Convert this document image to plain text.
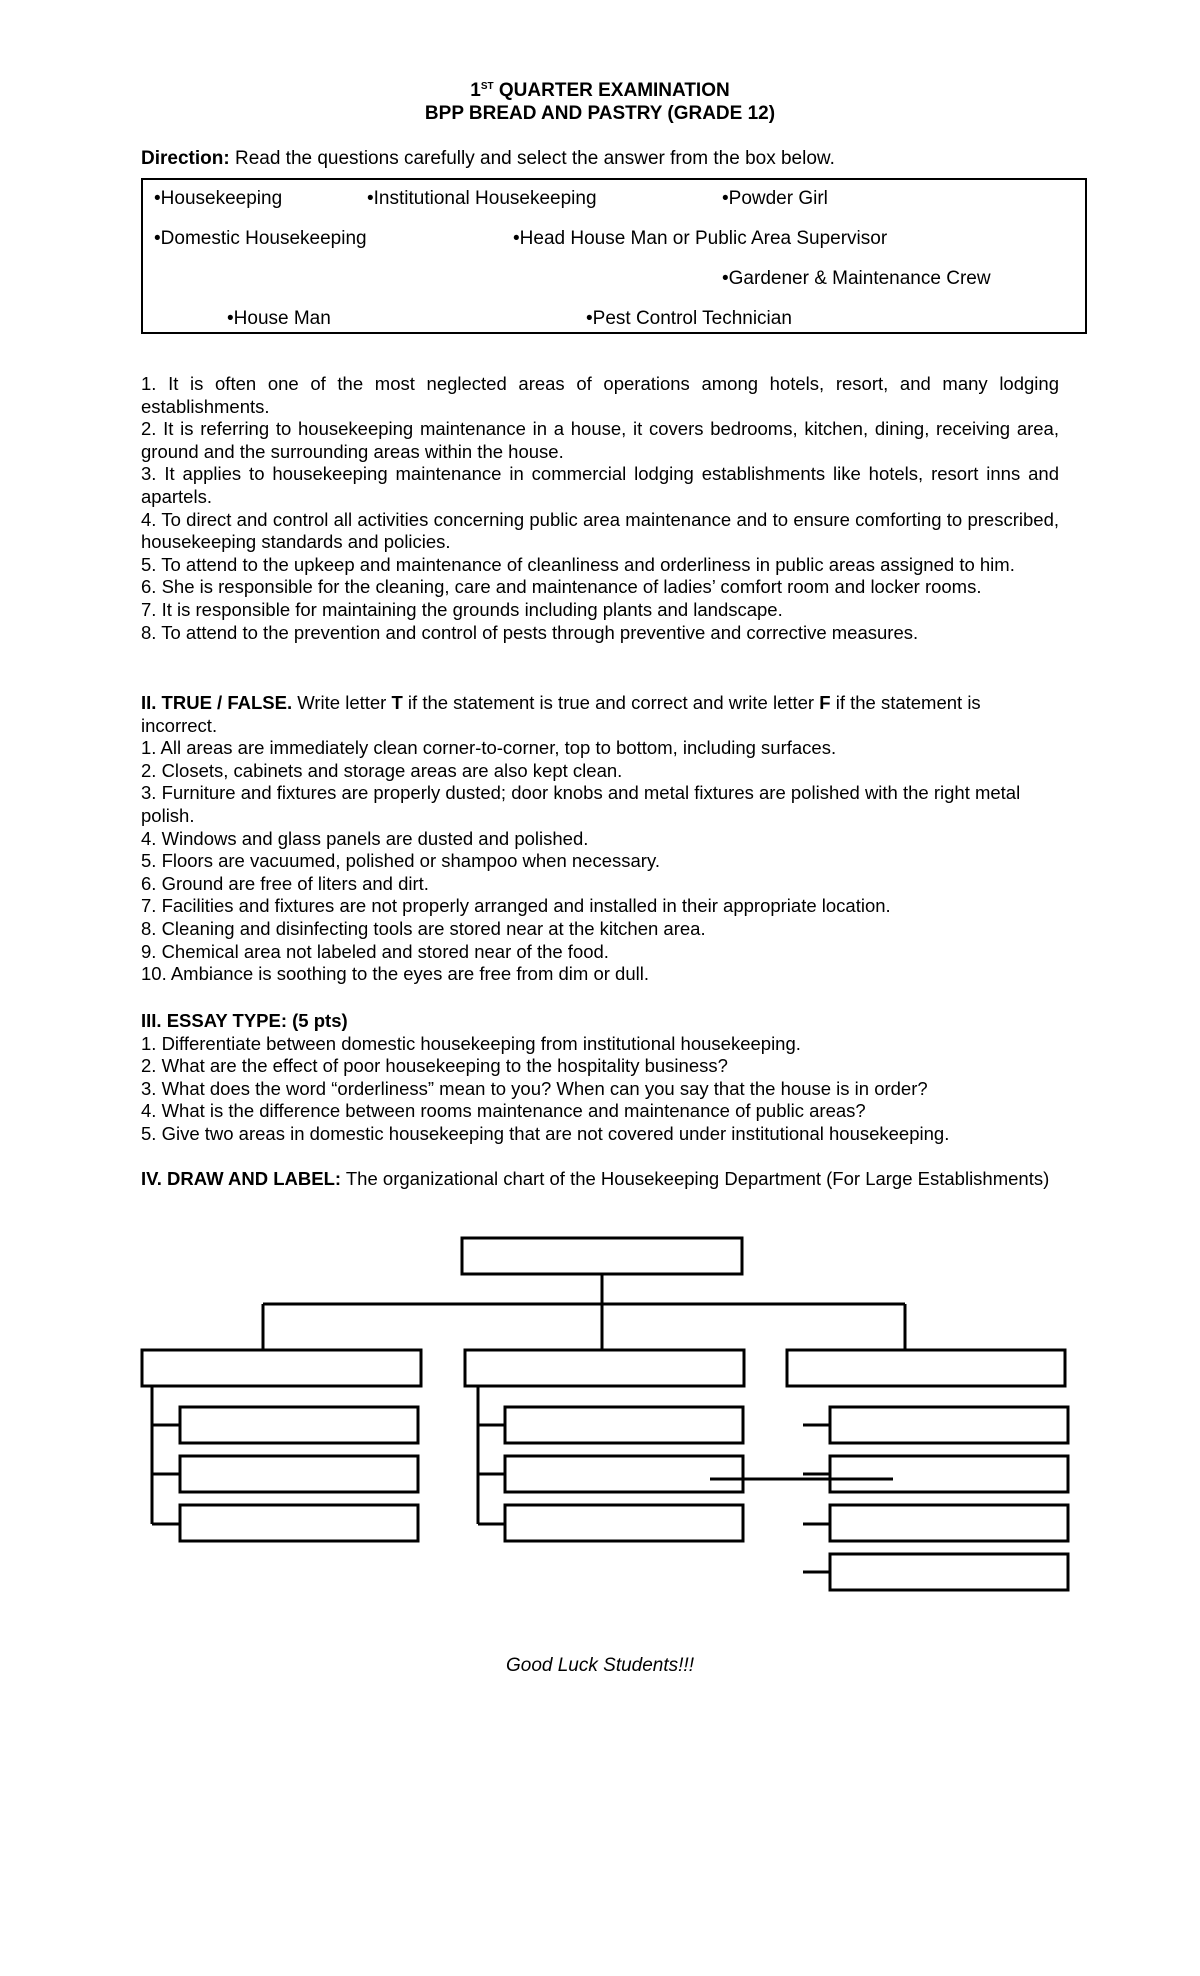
1ST QUARTER EXAMINATION
BPP BREAD AND PASTRY (GRADE 12)
Direction: Read the questions carefully and select the answer from the box below.
•Housekeeping	•Institutional Housekeeping	•Powder Girl
•Domestic Housekeeping	•Head House Man or Public Area Supervisor
•Gardener & Maintenance Crew
•House Man	•Pest Control Technician

1. It is often one of the most neglected areas of operations among hotels, resort, and many lodging establishments.

2. It is referring to housekeeping maintenance in a house, it covers bedrooms, kitchen, dining, receiving area, ground and the surrounding areas within the house.

3. It applies to housekeeping maintenance in commercial lodging establishments like hotels, resort inns and apartels.

4. To direct and control all activities concerning public area maintenance and to ensure comforting to prescribed, housekeeping standards and policies.

5. To attend to the upkeep and maintenance of cleanliness and orderliness in public areas assigned to him.

6. She is responsible for the cleaning, care and maintenance of ladies’ comfort room and locker rooms.

7. It is responsible for maintaining the grounds including plants and landscape.

8. To attend to the prevention and control of pests through preventive and corrective measures.

II. TRUE / FALSE. Write letter T if the statement is true and correct and write letter F if the statement is incorrect.

1. All areas are immediately clean corner-to-corner, top to bottom, including surfaces.

2. Closets, cabinets and storage areas are also kept clean.

3. Furniture and fixtures are properly dusted; door knobs and metal fixtures are polished with the right metal polish.

4. Windows and glass panels are dusted and polished.

5. Floors are vacuumed, polished or shampoo when necessary.

6. Ground are free of liters and dirt.

7. Facilities and fixtures are not properly arranged and installed in their appropriate location.

8. Cleaning and disinfecting tools are stored near at the kitchen area.

9. Chemical area not labeled and stored near of the food.

10. Ambiance is soothing to the eyes are free from dim or dull.

III. ESSAY TYPE: (5 pts)

1. Differentiate between domestic housekeeping from institutional housekeeping.

2. What are the effect of poor housekeeping to the hospitality business?

3. What does the word “orderliness” mean to you? When can you say that the house is in order?

4. What is the difference between rooms maintenance and maintenance of public areas?

5. Give two areas in domestic housekeeping that are not covered under institutional housekeeping.

IV. DRAW AND LABEL: The organizational chart of the Housekeeping Department (For Large Establishments)

Good Luck Students!!!
